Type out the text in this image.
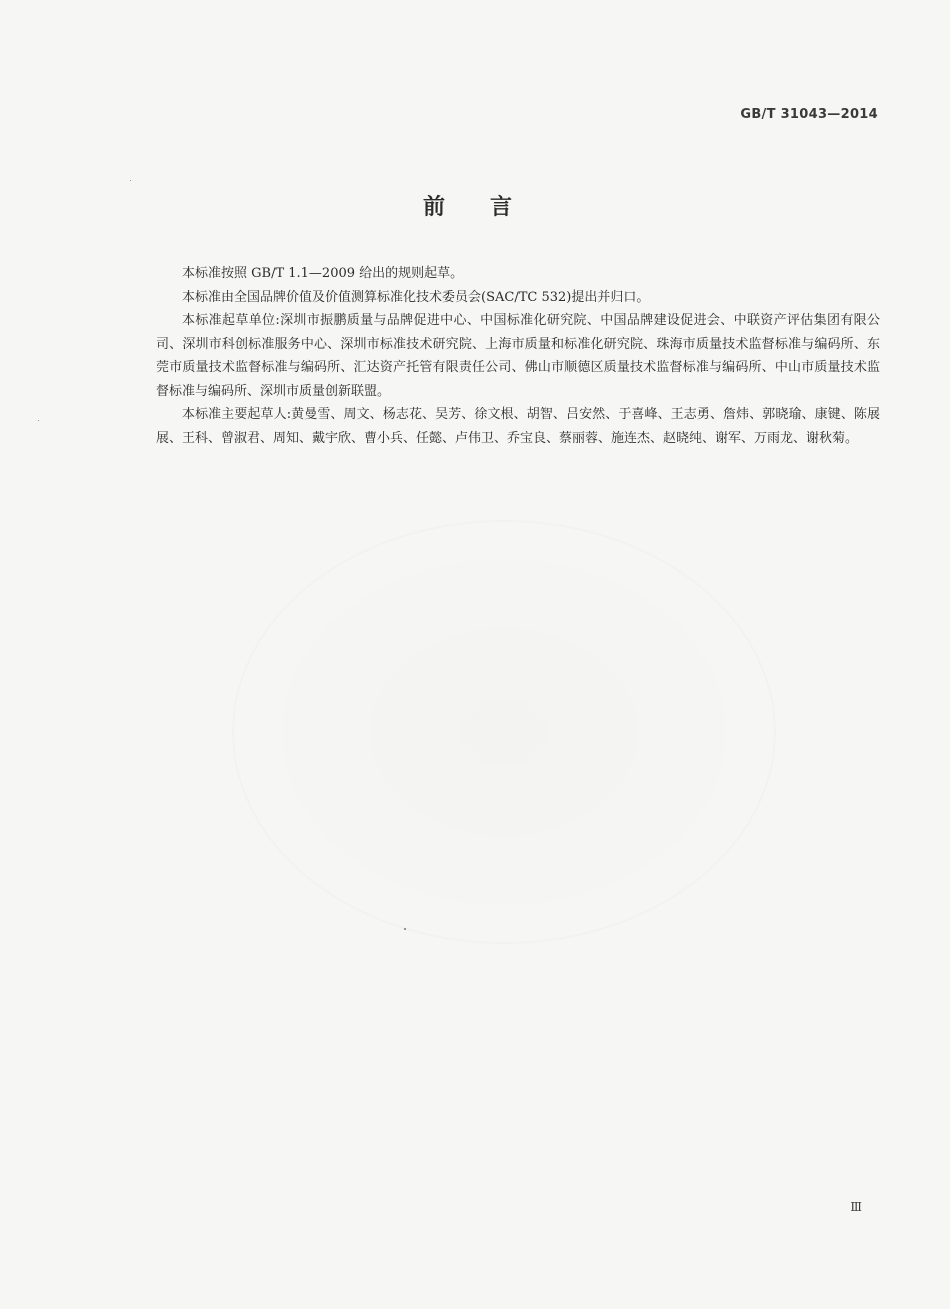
GB/T 31043—2014
前言

本标准按照 GB/T 1.1—2009 给出的规则起草。

本标准由全国品牌价值及价值测算标准化技术委员会(SAC/TC 532)提出并归口。

本标准起草单位:深圳市振鹏质量与品牌促进中心、中国标准化研究院、中国品牌建设促进会、中联资产评估集团有限公司、深圳市科创标准服务中心、深圳市标准技术研究院、上海市质量和标准化研究院、珠海市质量技术监督标准与编码所、东莞市质量技术监督标准与编码所、汇达资产托管有限责任公司、佛山市顺德区质量技术监督标准与编码所、中山市质量技术监督标准与编码所、深圳市质量创新联盟。

本标准主要起草人:黄曼雪、周文、杨志花、吴芳、徐文根、胡智、吕安然、于喜峰、王志勇、詹炜、郭晓瑜、康键、陈展展、王科、曾淑君、周知、戴宇欣、曹小兵、任懿、卢伟卫、乔宝良、蔡丽蓉、施连杰、赵晓纯、谢军、万雨龙、谢秋菊。

Ⅲ
